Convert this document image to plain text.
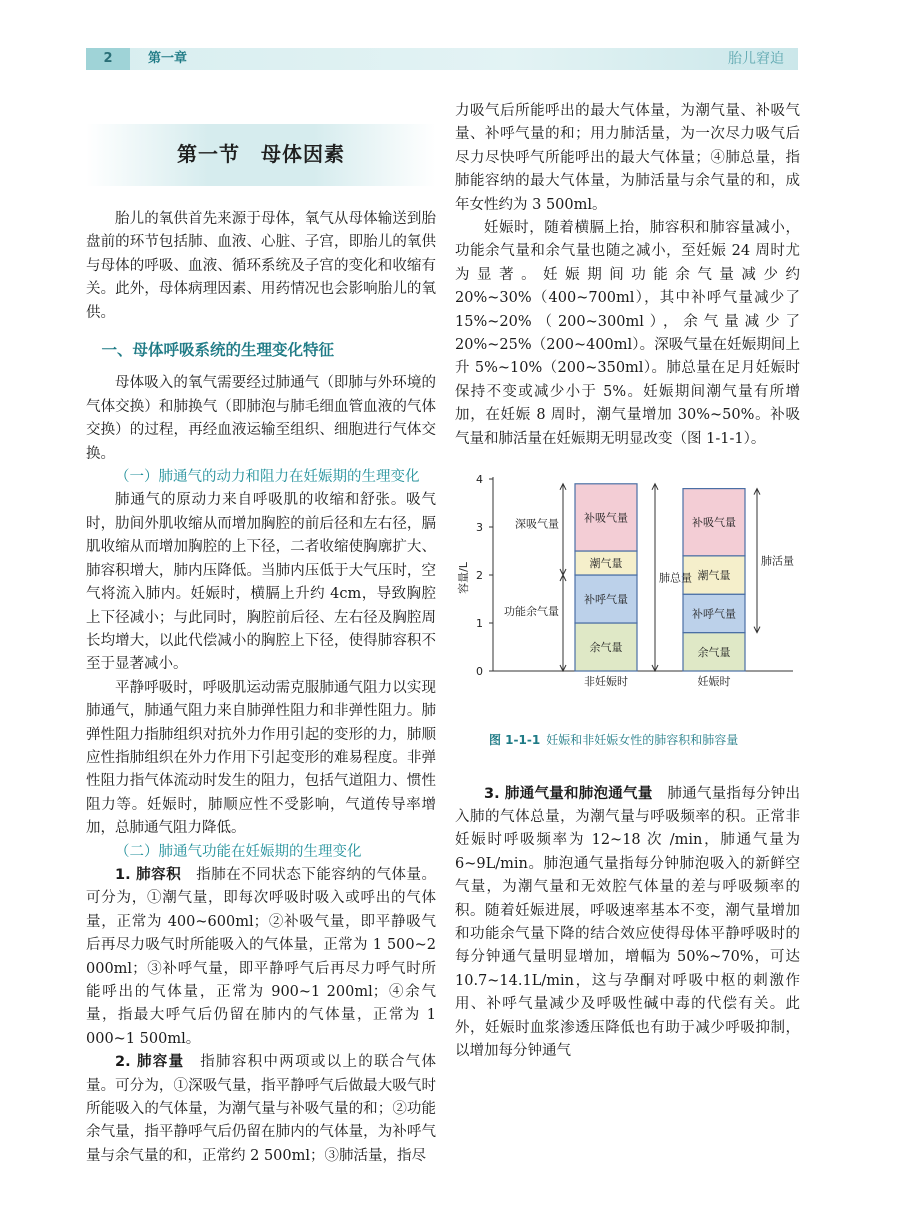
2	第一章	胎儿窘迫
第一节　母体因素

胎儿的氧供首先来源于母体，氧气从母体输送到胎盘前的环节包括肺、血液、心脏、子宫，即胎儿的氧供与母体的呼吸、血液、循环系统及子宫的变化和收缩有关。此外，母体病理因素、用药情况也会影响胎儿的氧供。

一、母体呼吸系统的生理变化特征

母体吸入的氧气需要经过肺通气（即肺与外环境的气体交换）和肺换气（即肺泡与肺毛细血管血液的气体交换）的过程，再经血液运输至组织、细胞进行气体交换。

（一）肺通气的动力和阻力在妊娠期的生理变化

肺通气的原动力来自呼吸肌的收缩和舒张。吸气时，肋间外肌收缩从而增加胸腔的前后径和左右径，膈肌收缩从而增加胸腔的上下径，二者收缩使胸廓扩大、肺容积增大，肺内压降低。当肺内压低于大气压时，空气将流入肺内。妊娠时，横膈上升约 4cm，导致胸腔上下径减小；与此同时，胸腔前后径、左右径及胸腔周长均增大，以此代偿减小的胸腔上下径，使得肺容积不至于显著减小。

平静呼吸时，呼吸肌运动需克服肺通气阻力以实现肺通气，肺通气阻力来自肺弹性阻力和非弹性阻力。肺弹性阻力指肺组织对抗外力作用引起的变形的力，肺顺应性指肺组织在外力作用下引起变形的难易程度。非弹性阻力指气体流动时发生的阻力，包括气道阻力、惯性阻力等。妊娠时，肺顺应性不受影响，气道传导率增加，总肺通气阻力降低。

（二）肺通气功能在妊娠期的生理变化

1. 肺容积　指肺在不同状态下能容纳的气体量。可分为，①潮气量，即每次呼吸时吸入或呼出的气体量，正常为 400~600ml；②补吸气量，即平静吸气后再尽力吸气时所能吸入的气体量，正常为 1 500~2 000ml；③补呼气量，即平静呼气后再尽力呼气时所能呼出的气体量，正常为 900~1 200ml；④余气量，指最大呼气后仍留在肺内的气体量，正常为 1 000~1 500ml。

2. 肺容量　指肺容积中两项或以上的联合气体量。可分为，①深吸气量，指平静呼气后做最大吸气时所能吸入的气体量，为潮气量与补吸气量的和；②功能余气量，指平静呼气后仍留在肺内的气体量，为补呼气量与余气量的和，正常约 2 500ml；③肺活量，指尽

力吸气后所能呼出的最大气体量，为潮气量、补吸气量、补呼气量的和；用力肺活量，为一次尽力吸气后尽力尽快呼气所能呼出的最大气体量；④肺总量，指肺能容纳的最大气体量，为肺活量与余气量的和，成年女性约为 3 500ml。

妊娠时，随着横膈上抬，肺容积和肺容量减小，功能余气量和余气量也随之减小，至妊娠 24 周时尤为显著。妊娠期间功能余气量减少约 20%~30%（400~700ml），其中补呼气量减少了 15%~20%（200~300ml），余气量减少了 20%~25%（200~400ml）。深吸气量在妊娠期间上升 5%~10%（200~350ml）。肺总量在足月妊娠时保持不变或减少小于 5%。妊娠期间潮气量有所增加，在妊娠 8 周时，潮气量增加 30%~50%。补吸气量和肺活量在妊娠期无明显改变（图 1-1-1）。

0
1
2
3
4
容量/L
余气量
补呼气量
潮气量
补吸气量
非妊娠时
余气量
补呼气量
潮气量
补吸气量
妊娠时
深吸气量
功能余气量
肺总量
肺活量
图 1-1-1 妊娠和非妊娠女性的肺容积和肺容量

3. 肺通气量和肺泡通气量　肺通气量指每分钟出入肺的气体总量，为潮气量与呼吸频率的积。正常非妊娠时呼吸频率为 12~18 次 /min，肺通气量为 6~9L/min。肺泡通气量指每分钟肺泡吸入的新鲜空气量，为潮气量和无效腔气体量的差与呼吸频率的积。随着妊娠进展，呼吸速率基本不变，潮气量增加和功能余气量下降的结合效应使得母体平静呼吸时的每分钟通气量明显增加，增幅为 50%~70%，可达 10.7~14.1L/min，这与孕酮对呼吸中枢的刺激作用、补呼气量减少及呼吸性碱中毒的代偿有关。此外，妊娠时血浆渗透压降低也有助于减少呼吸抑制，以增加每分钟通气
